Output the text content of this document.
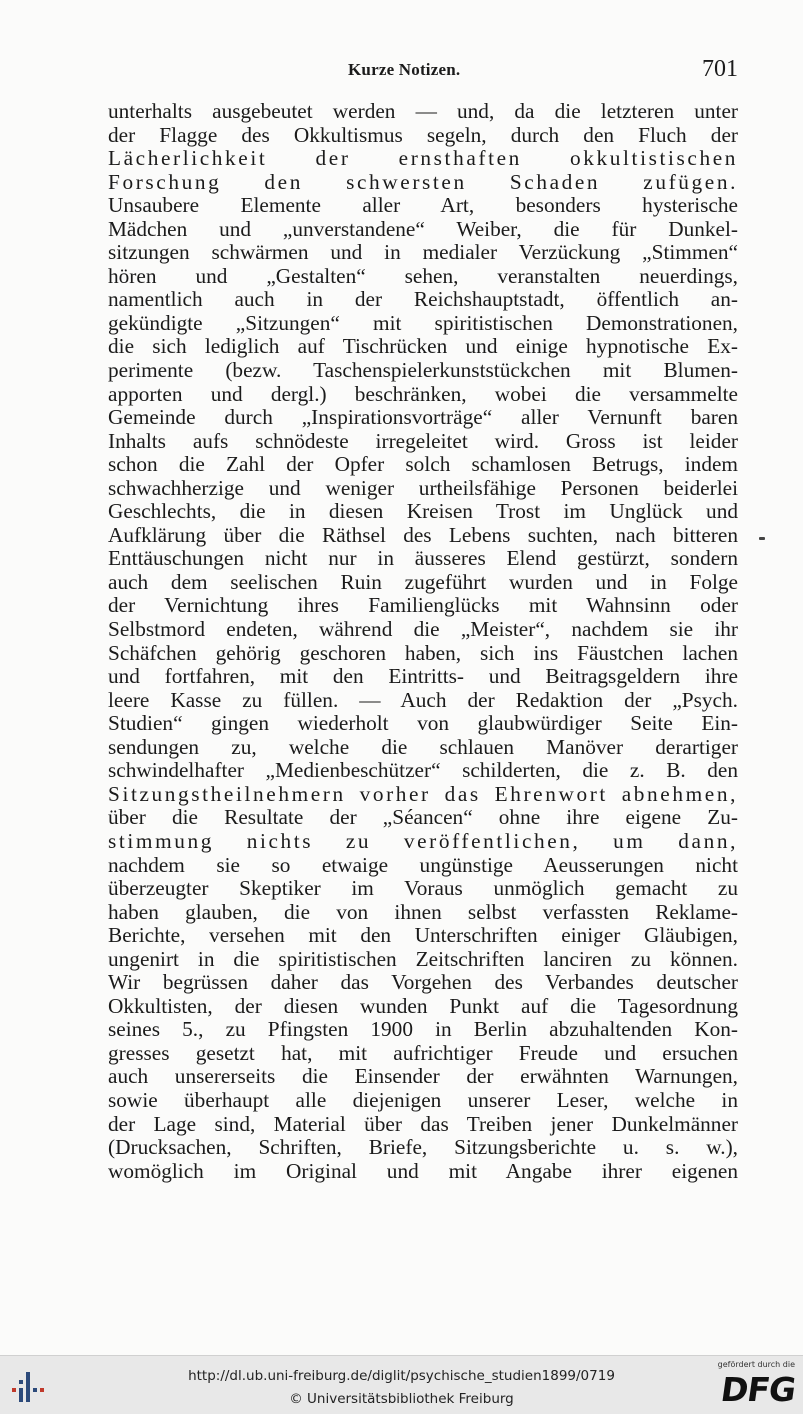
Kurze Notizen.	701
unterhalts ausgebeutet werden — und, da die letzteren unter
der Flagge des Okkultismus segeln, durch den Fluch der
Lächerlichkeit der ernsthaften okkultistischen
Forschung den schwersten Schaden zufügen.
Unsaubere Elemente aller Art, besonders hysterische
Mädchen und „unverstandene“ Weiber, die für Dunkel-
sitzungen schwärmen und in medialer Verzückung „Stimmen“
hören und „Gestalten“ sehen, veranstalten neuerdings,
namentlich auch in der Reichshauptstadt, öffentlich an-
gekündigte „Sitzungen“ mit spiritistischen Demonstrationen,
die sich lediglich auf Tischrücken und einige hypnotische Ex-
perimente (bezw. Taschenspielerkunststückchen mit Blumen-
apporten und dergl.) beschränken, wobei die versammelte
Gemeinde durch „Inspirationsvorträge“ aller Vernunft baren
Inhalts aufs schnödeste irregeleitet wird. Gross ist leider
schon die Zahl der Opfer solch schamlosen Betrugs, indem
schwachherzige und weniger urtheilsfähige Personen beiderlei
Geschlechts, die in diesen Kreisen Trost im Unglück und
Aufklärung über die Räthsel des Lebens suchten, nach bitteren
Enttäuschungen nicht nur in äusseres Elend gestürzt, sondern
auch dem seelischen Ruin zugeführt wurden und in Folge
der Vernichtung ihres Familienglücks mit Wahnsinn oder
Selbstmord endeten, während die „Meister“, nachdem sie ihr
Schäfchen gehörig geschoren haben, sich ins Fäustchen lachen
und fortfahren, mit den Eintritts- und Beitragsgeldern ihre
leere Kasse zu füllen. — Auch der Redaktion der „Psych.
Studien“ gingen wiederholt von glaubwürdiger Seite Ein-
sendungen zu, welche die schlauen Manöver derartiger
schwindelhafter „Medienbeschützer“ schilderten, die z. B. den
Sitzungstheilnehmern vorher das Ehrenwort abnehmen,
über die Resultate der „Séancen“ ohne ihre eigene Zu-
stimmung nichts zu veröffentlichen, um dann,
nachdem sie so etwaige ungünstige Aeusserungen nicht
überzeugter Skeptiker im Voraus unmöglich gemacht zu
haben glauben, die von ihnen selbst verfassten Reklame-
Berichte, versehen mit den Unterschriften einiger Gläubigen,
ungenirt in die spiritistischen Zeitschriften lanciren zu können.
Wir begrüssen daher das Vorgehen des Verbandes deutscher
Okkultisten, der diesen wunden Punkt auf die Tagesordnung
seines 5., zu Pfingsten 1900 in Berlin abzuhaltenden Kon-
gresses gesetzt hat, mit aufrichtiger Freude und ersuchen
auch unsererseits die Einsender der erwähnten Warnungen,
sowie überhaupt alle diejenigen unserer Leser, welche in
der Lage sind, Material über das Treiben jener Dunkelmänner
(Drucksachen, Schriften, Briefe, Sitzungsberichte u. s. w.),
womöglich im Original und mit Angabe ihrer eigenen
http://dl.ub.uni-freiburg.de/diglit/psychische_studien1899/0719
© Universitätsbibliothek Freiburg
gefördert durch die
DFG
